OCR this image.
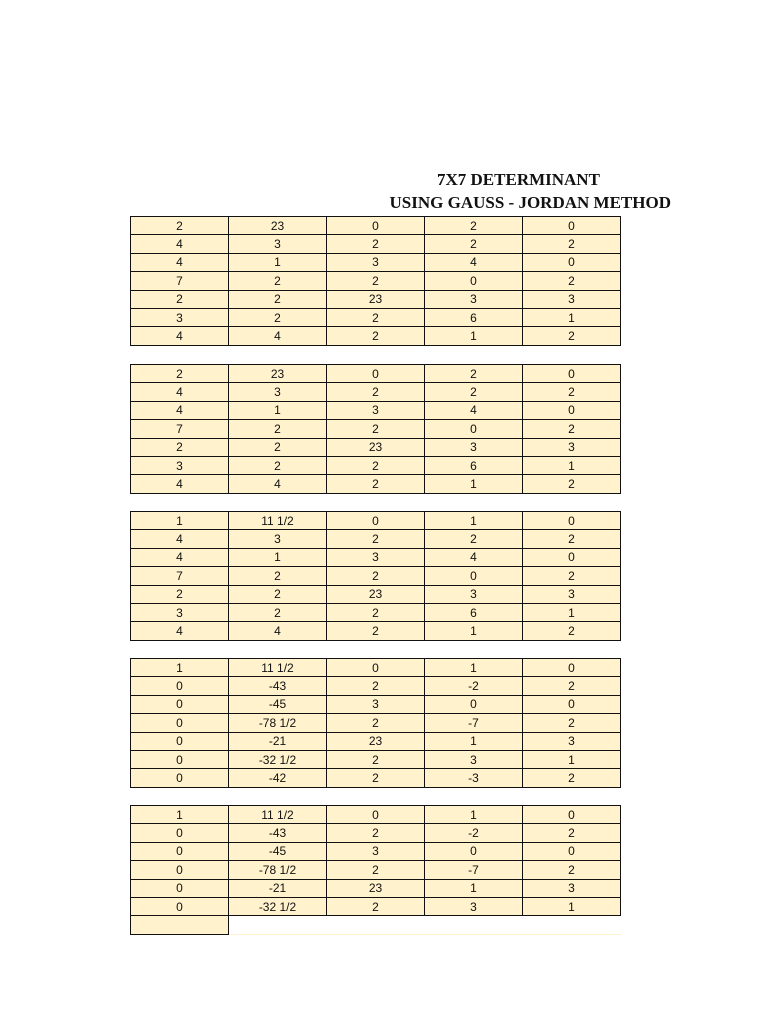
7X7 DETERMINANT
USING GAUSS - JORDAN METHOD
2	23	0	2	0
4	3	2	2	2
4	1	3	4	0
7	2	2	0	2
2	2	23	3	3
3	2	2	6	1
4	4	2	1	2
2	23	0	2	0
4	3	2	2	2
4	1	3	4	0
7	2	2	0	2
2	2	23	3	3
3	2	2	6	1
4	4	2	1	2
1	11 1/2	0	1	0
4	3	2	2	2
4	1	3	4	0
7	2	2	0	2
2	2	23	3	3
3	2	2	6	1
4	4	2	1	2
1	11 1/2	0	1	0
0	-43	2	-2	2
0	-45	3	0	0
0	-78 1/2	2	-7	2
0	-21	23	1	3
0	-32 1/2	2	3	1
0	-42	2	-3	2
1	11 1/2	0	1	0
0	-43	2	-2	2
0	-45	3	0	0
0	-78 1/2	2	-7	2
0	-21	23	1	3
0	-32 1/2	2	3	1
